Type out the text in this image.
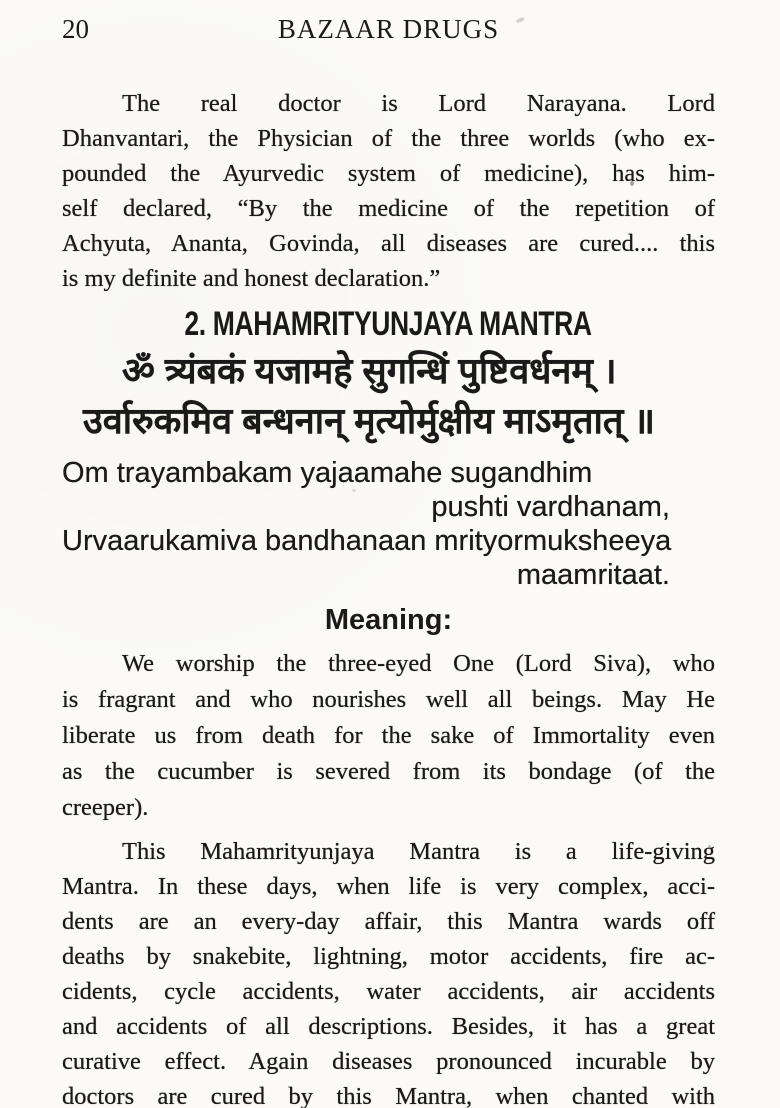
20	BAZAAR DRUGS
The real doctor is Lord Narayana. Lord
Dhanvantari, the Physician of the three worlds (who ex-
pounded the Ayurvedic system of medicine), has him-
self declared, “By the medicine of the repetition of
Achyuta, Ananta, Govinda, all diseases are cured.... this
is my definite and honest declaration.”
2. MAHAMRITYUNJAYA MANTRA
ॐ त्र्यंबकं यजामहे सुगन्धिं पुष्टिवर्धनम् ।
उर्वारुकमिव बन्धनान् मृत्योर्मुक्षीय माऽमृतात् ॥
Om trayambakam yajaamahe sugandhim
pushti vardhanam,
Urvaarukamiva bandhanaan mrityormuksheeya
maamritaat.
Meaning:
We worship the three-eyed One (Lord Siva), who
is fragrant and who nourishes well all beings. May He
liberate us from death for the sake of Immortality even
as the cucumber is severed from its bondage (of the
creeper).
This Mahamrityunjaya Mantra is a life-giving
Mantra. In these days, when life is very complex, acci-
dents are an every-day affair, this Mantra wards off
deaths by snakebite, lightning, motor accidents, fire ac-
cidents, cycle accidents, water accidents, air accidents
and accidents of all descriptions. Besides, it has a great
curative effect. Again diseases pronounced incurable by
doctors are cured by this Mantra, when chanted with
